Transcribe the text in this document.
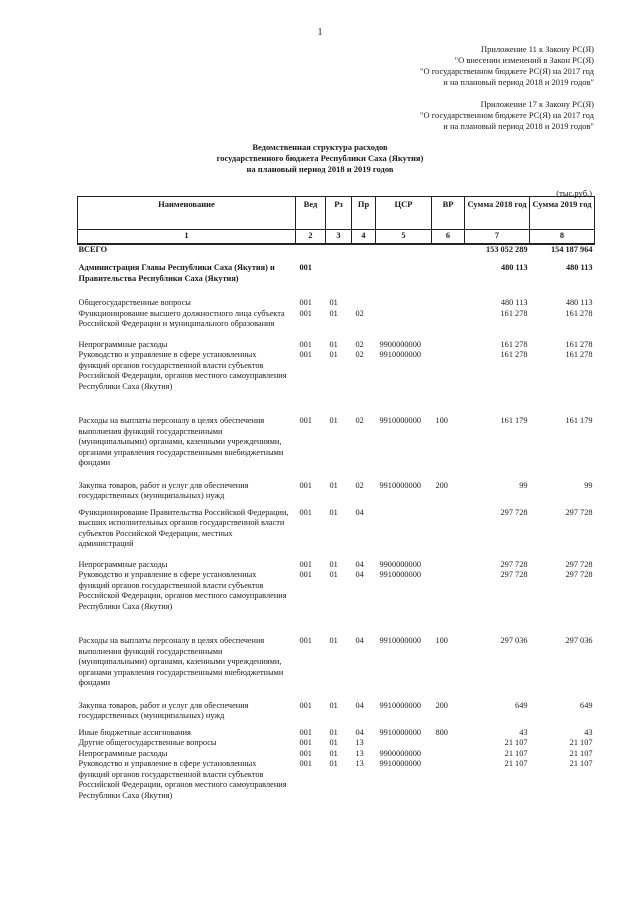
1
Приложение 11 к Закону РС(Я)
"О внесении изменений в Закон РС(Я)
"О государственном бюджете РС(Я) на 2017 год
и на плановый период 2018 и 2019 годов"
Приложение 17 к Закону РС(Я)
"О государственном бюджете РС(Я) на 2017 год
и на плановый период 2018 и 2019 годов"
Ведомственная структура расходов
государственного бюджета Республики Саха (Якутия)
на плановый период 2018 и 2019 годов
(тыс.руб.)
Наименование	Вед	Рз	Пр	ЦСР	ВР	Сумма 2018 год	Сумма 2019 год
1	2	3	4	5	6	7	8
ВСЕГО						153 052 289	154 187 964
Администрация Главы Республики Саха (Якутия) и Правительства Республики Саха (Якутия)	001					480 113	480 113
Общегосударственные вопросы	001	01				480 113	480 113
Функционирование высшего должностного лица субъекта Российской Федерации и муниципального образования	001	01	02			161 278	161 278
Непрограммные расходы	001	01	02	9900000000		161 278	161 278
Руководство и управление в сфере установленных функций органов государственной власти субъектов Российской Федерации, органов местного самоуправления Республики Саха (Якутия)	001	01	02	9910000000		161 278	161 278
Расходы на выплаты персоналу в целях обеспечения выполнения функций государственными (муниципальными) органами, казенными учреждениями, органами управления государственными внебюджетными фондами	001	01	02	9910000000	100	161 179	161 179
Закупка товаров, работ и услуг для обеспечения государственных (муниципальных) нужд	001	01	02	9910000000	200	99	99
Функционирование Правительства Российской Федерации, высших исполнительных органов государственной власти субъектов Российской Федерации, местных администраций	001	01	04			297 728	297 728
Непрограммные расходы	001	01	04	9900000000		297 728	297 728
Руководство и управление в сфере установленных функций органов государственной власти субъектов Российской Федерации, органов местного самоуправления Республики Саха (Якутия)	001	01	04	9910000000		297 728	297 728
Расходы на выплаты персоналу в целях обеспечения выполнения функций государственными (муниципальными) органами, казенными учреждениями, органами управления государственными внебюджетными фондами	001	01	04	9910000000	100	297 036	297 036
Закупка товаров, работ и услуг для обеспечения государственных (муниципальных) нужд	001	01	04	9910000000	200	649	649
Иные бюджетные ассигнования	001	01	04	9910000000	800	43	43
Другие общегосударственные вопросы	001	01	13			21 107	21 107
Непрограммные расходы	001	01	13	9900000000		21 107	21 107
Руководство и управление в сфере установленных функций органов государственной власти субъектов Российской Федерации, органов местного самоуправления Республики Саха (Якутия)	001	01	13	9910000000		21 107	21 107
